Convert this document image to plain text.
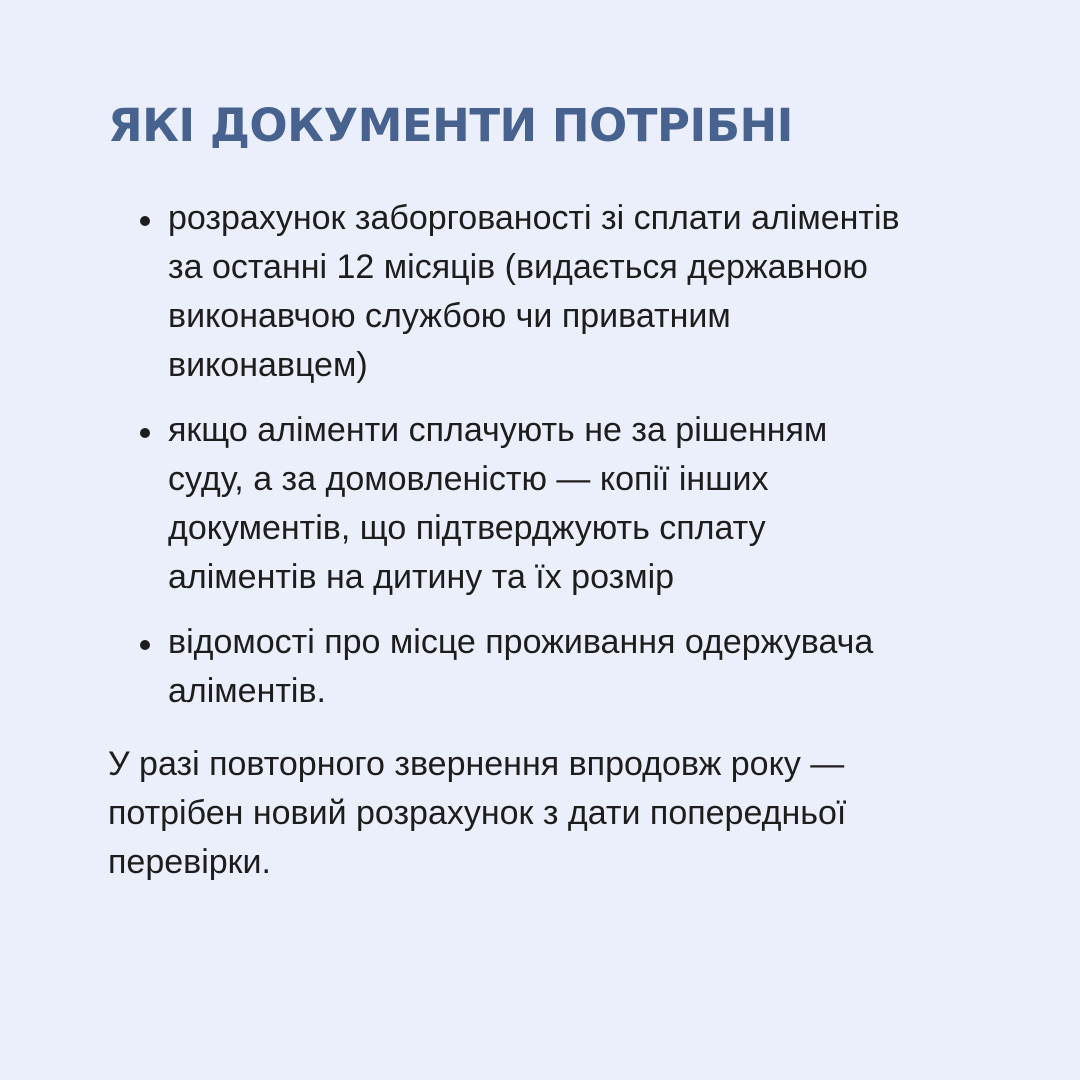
ЯКІ ДОКУМЕНТИ ПОТРІБНІ
розрахунок заборгованості зі сплати аліментів
за останні 12 місяців (видається державною
виконавчою службою чи приватним
виконавцем)
якщо аліменти сплачують не за рішенням
суду, а за домовленістю — копії інших
документів, що підтверджують сплату
аліментів на дитину та їх розмір
відомості про місце проживання одержувача
аліментів.

У разі повторного звернення впродовж року —
потрібен новий розрахунок з дати попередньої
перевірки.
